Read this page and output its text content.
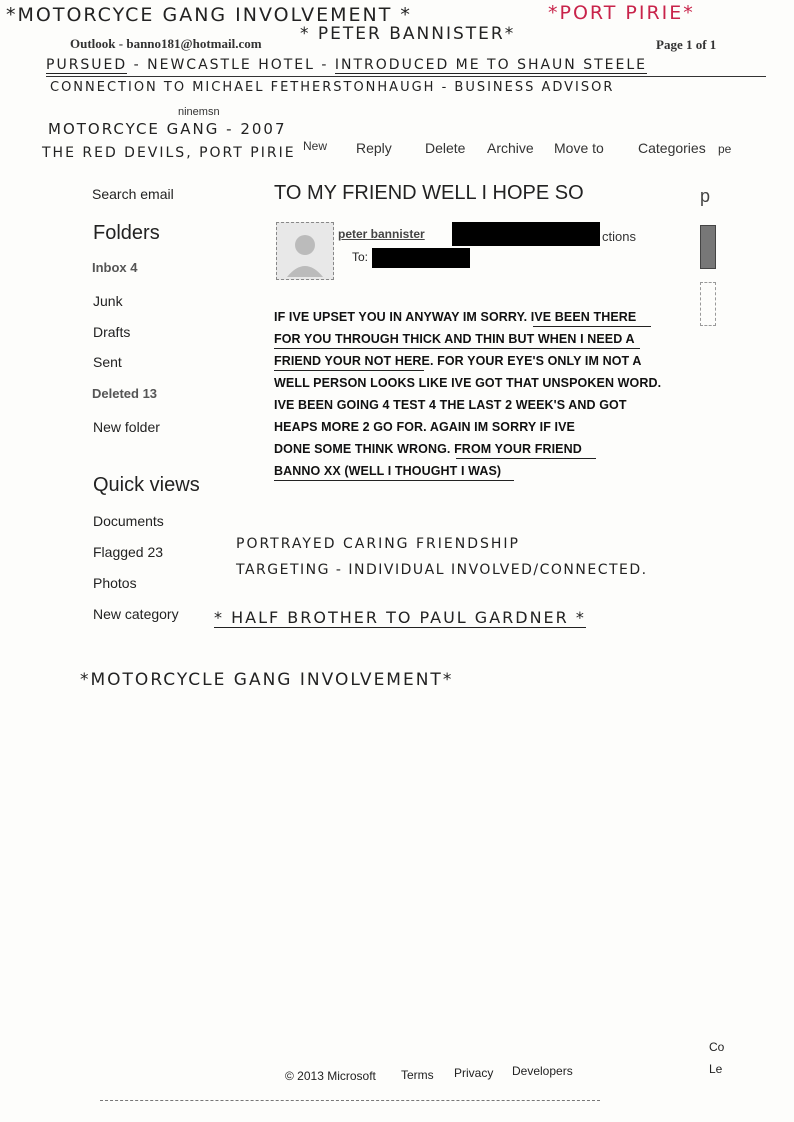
*MOTORCYCE GANG INVOLVEMENT *	*PORT PIRIE*
Outlook - banno181@hotmail.com * PETER BANNISTER*
Page 1 of 1
PURSUED - NEWCASTLE HOTEL - INTRODUCED ME TO SHAUN STEELE
CONNECTION TO MICHAEL FETHERSTONHAUGH - BUSINESS ADVISOR
ninemsn
MOTORCYCE GANG - 2007
THE RED DEVILS, PORT PIRIE New Reply Delete Archive Move to Categories pe
Search email
Folders
Inbox 4
Junk
Drafts
Sent
Deleted 13
New folder
Quick views
Documents
Flagged 23
Photos
New category
TO MY FRIEND WELL I HOPE SO	p
peter bannister	ctions
To:
IF IVE UPSET YOU IN ANYWAY IM SORRY. IVE BEEN THERE
FOR YOU THROUGH THICK AND THIN BUT WHEN I NEED A
FRIEND YOUR NOT HERE. FOR YOUR EYE'S ONLY IM NOT A
WELL PERSON LOOKS LIKE IVE GOT THAT UNSPOKEN WORD.
IVE BEEN GOING 4 TEST 4 THE LAST 2 WEEK'S AND GOT
HEAPS MORE 2 GO FOR. AGAIN IM SORRY IF IVE
DONE SOME THINK WRONG. FROM YOUR FRIEND
BANNO XX (WELL I THOUGHT I WAS)
PORTRAYED CARING FRIENDSHIP
TARGETING - INDIVIDUAL INVOLVED/CONNECTED.
* HALF BROTHER TO PAUL GARDNER *
*MOTORCYCLE GANG INVOLVEMENT*
© 2013 Microsoft Terms Privacy Developers
Co
Le
